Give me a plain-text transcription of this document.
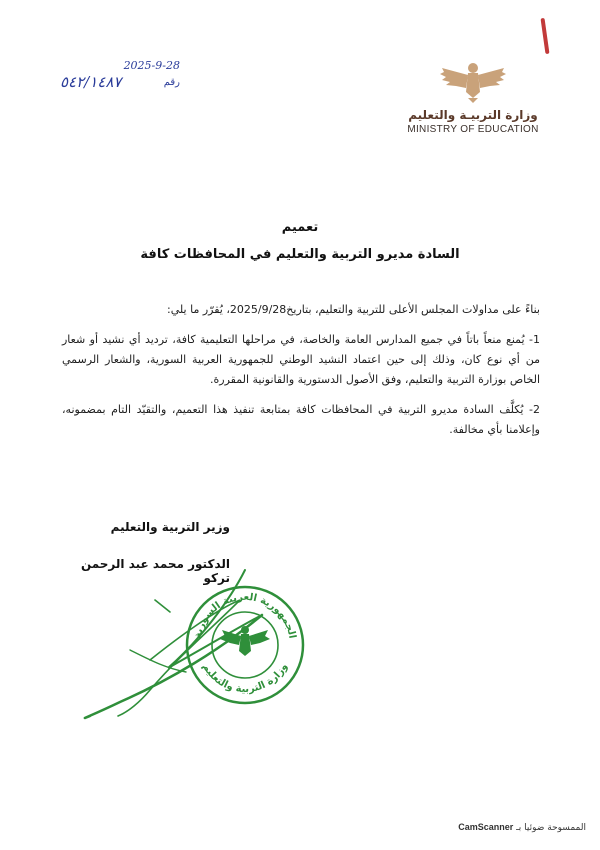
2025-9-28
٥٤٢/١٤٨٧	رقم
وزارة التربيـة والتعليم
MINISTRY OF EDUCATION
تعميم
السادة مديرو التربية والتعليم في المحافظات كافة

بناءً على مداولات المجلس الأعلى للتربية والتعليم، بتاريخ2025/9/28، يُقرّر ما يلي:

1- يُمنع منعاً باتاً في جميع المدارس العامة والخاصة، في مراحلها التعليمية كافة، ترديد أي نشيد أو شعار من أي نوع كان، وذلك إلى حين اعتماد النشيد الوطني للجمهورية العربية السورية، والشعار الرسمي الخاص بوزارة التربية والتعليم، وفق الأصول الدستورية والقانونية المقررة.

2- يُكلَّف السادة مديرو التربية في المحافظات كافة بمتابعة تنفيذ هذا التعميم، والتقيّد التام بمضمونه، وإعلامنا بأي مخالفة.

وزير التربية والتعليم
الدكتور محمد عبد الرحمن تركو
الجمهورية العربية السورية
وزارة التربية والتعليم
الممسوحة ضوئيا بـ CamScanner
